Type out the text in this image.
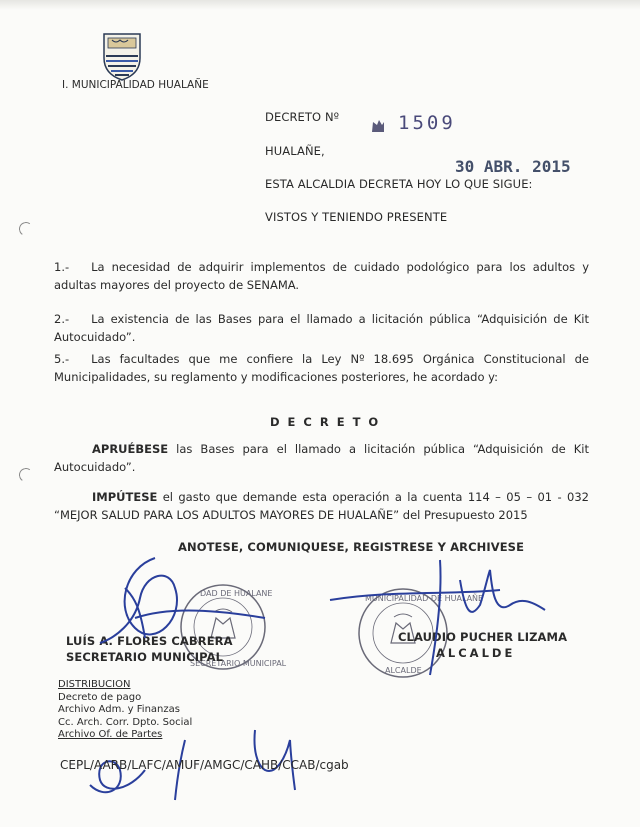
I. MUNICIPALIDAD HUALAÑE
DECRETO Nº	1509
HUALAÑE,
30 ABR. 2015
ESTA ALCALDIA DECRETA HOY LO QUE SIGUE:
VISTOS Y TENIENDO PRESENTE
1.- La necesidad de adquirir implementos de cuidado podológico para los adultos y adultas mayores del proyecto de SENAMA.
2.- La existencia de las Bases para el llamado a licitación pública “Adquisición de Kit Autocuidado”.
5.- Las facultades que me confiere la Ley Nº 18.695 Orgánica Constitucional de Municipalidades, su reglamento y modificaciones posteriores, he acordado y:
D E C R E T O
APRUÉBESE las Bases para el llamado a licitación pública “Adquisición de Kit Autocuidado”.
IMPÚTESE el gasto que demande esta operación a la cuenta 114 – 05 – 01 - 032 “MEJOR SALUD PARA LOS ADULTOS MAYORES DE HUALAÑE” del Presupuesto 2015
ANOTESE, COMUNIQUESE, REGISTRESE Y ARCHIVESE
DAD DE HUALANE
SECRETARIO MUNICIPAL
MUNICIPALIDAD DE HUALAÑE
ALCALDE
LUÍS A. FLORES CABRERA
SECRETARIO MUNICIPAL
CLAUDIO PUCHER LIZAMA
ALCALDE
DISTRIBUCION
Decreto de pago
Archivo Adm. y Finanzas
Cc. Arch. Corr. Dpto. Social
Archivo Of. de Partes
CEPL/AARB/LAFC/AMUF/AMGC/CAHB/CCAB/cgab
